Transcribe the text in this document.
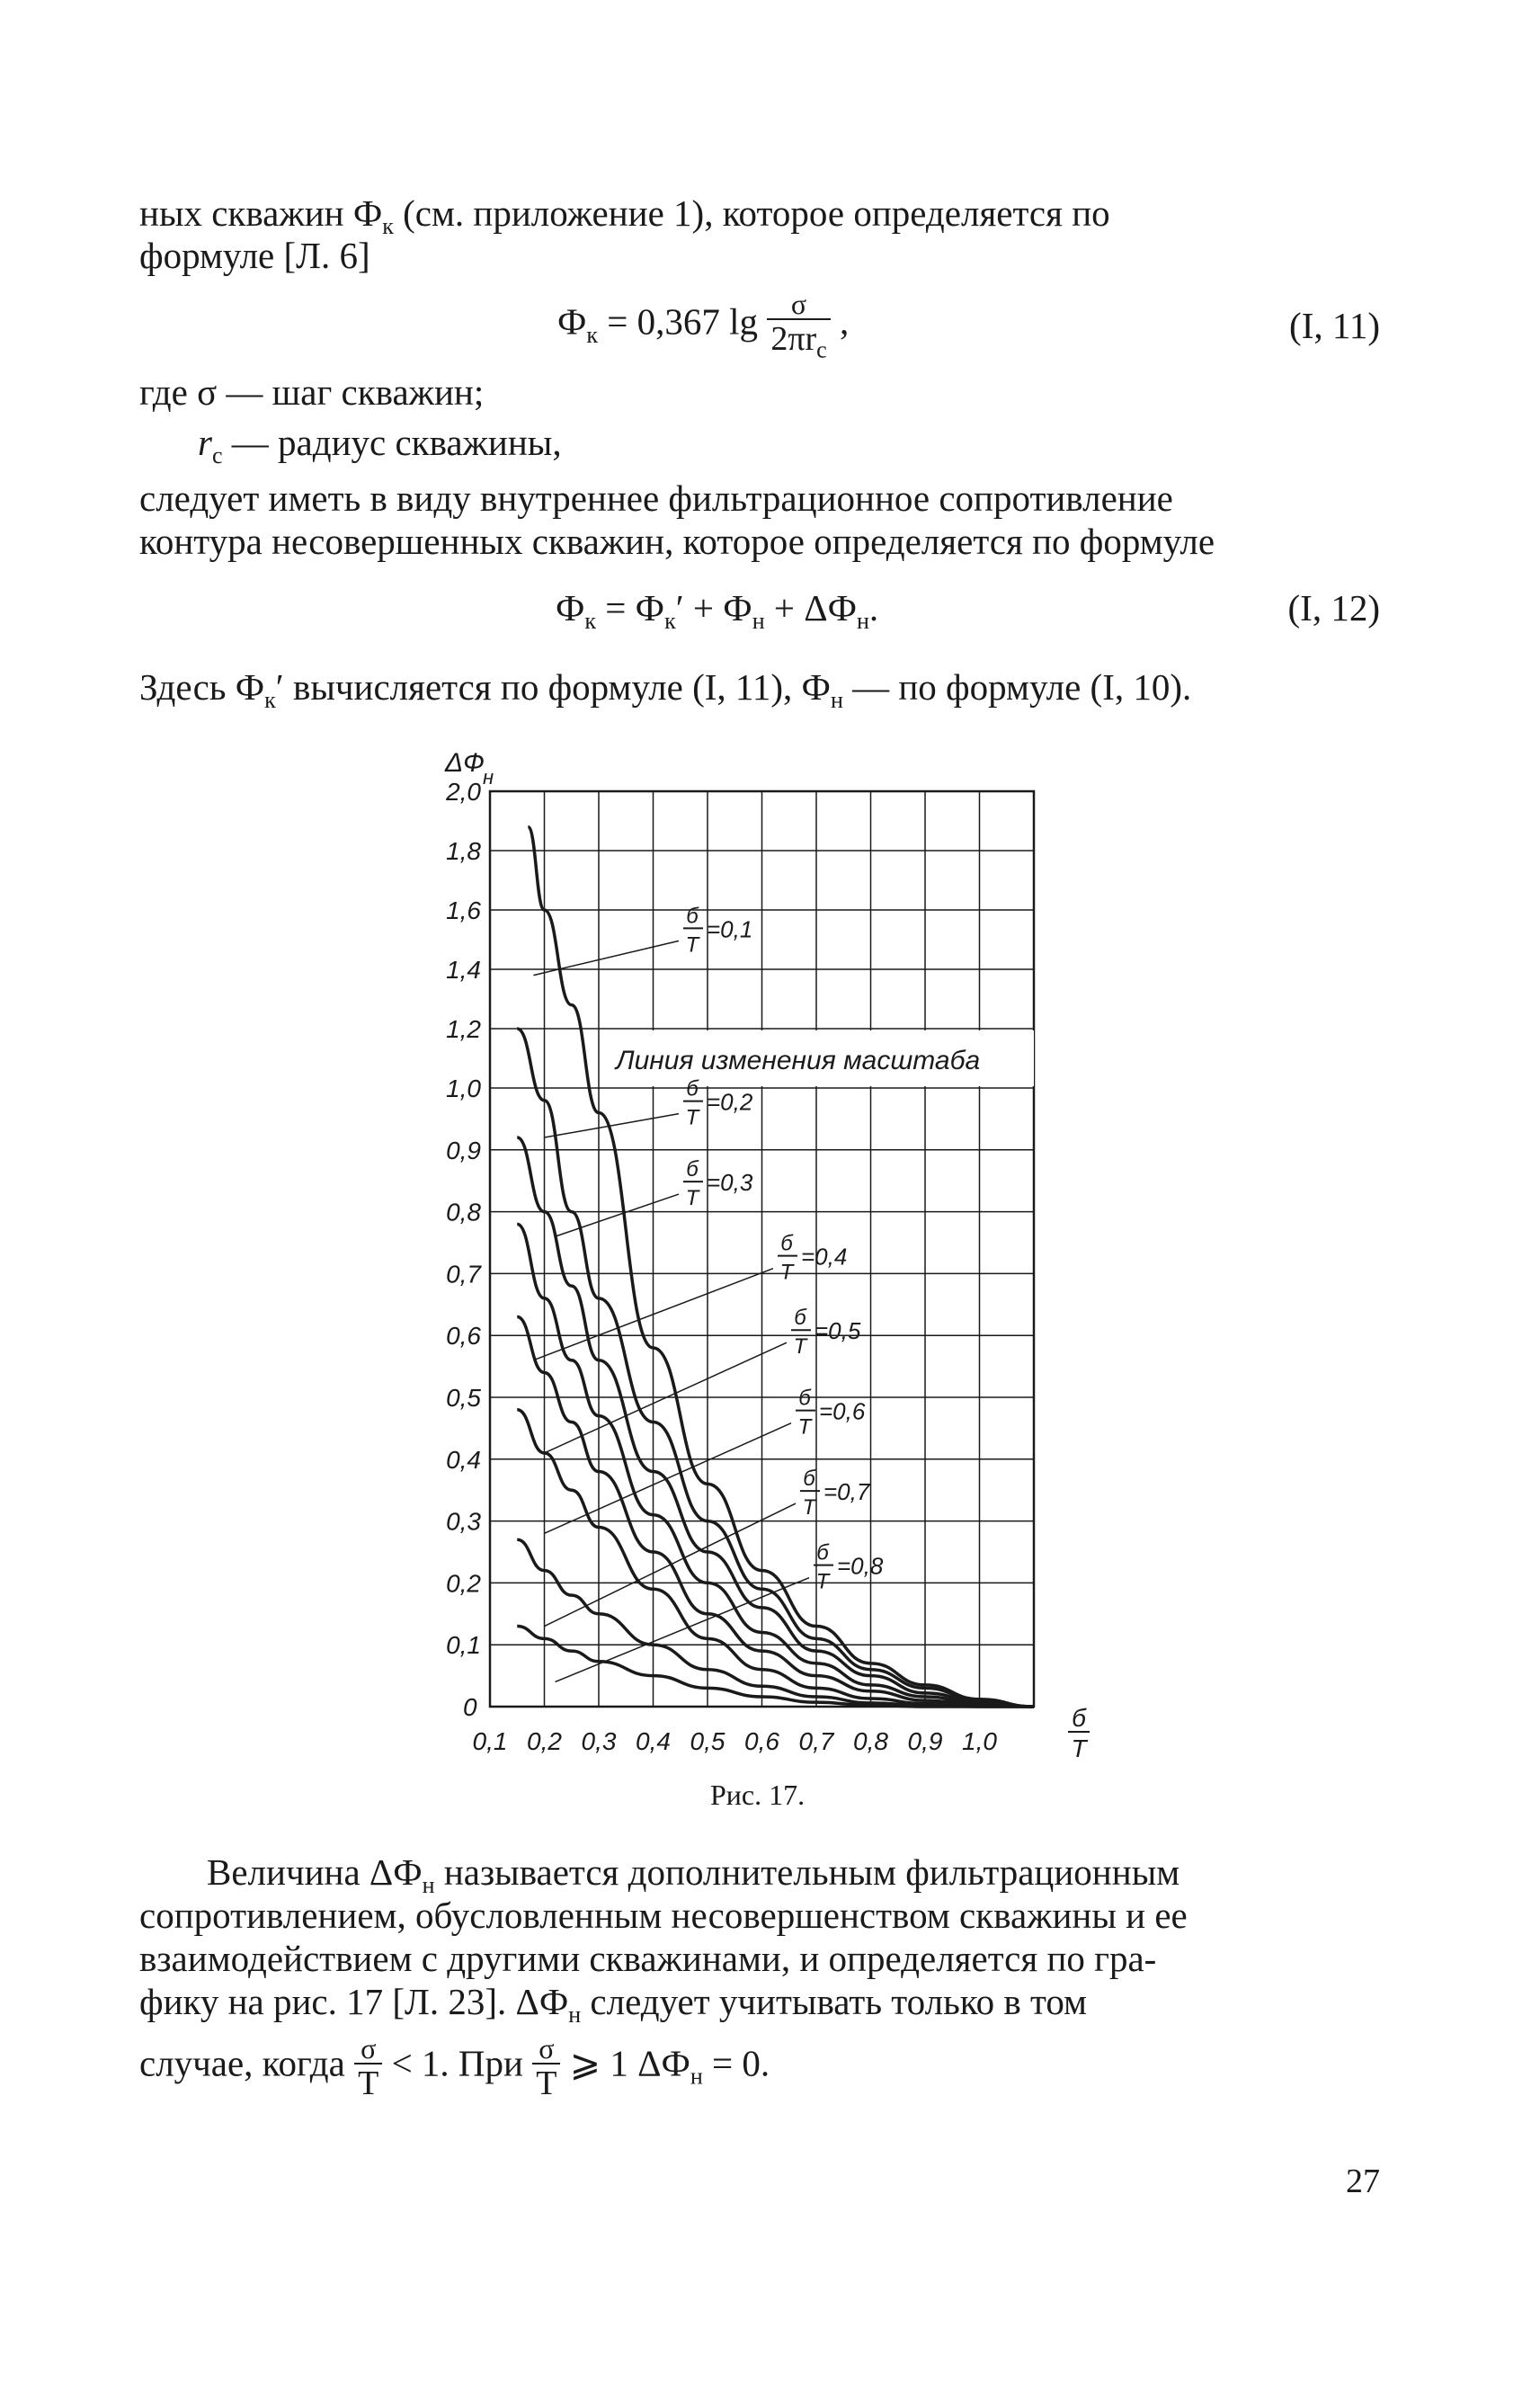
ных скважин $Ф_к$ (см. приложение 1), которое определяется по
формуле [Л. 6]
$Ф_к = 0,367$ $\lg \frac{\sigma}{2\pi r_с}$ ,	(I, 11)
где σ — шаг скважин;
$r_с$ — радиус скважины,
следует иметь в виду внутреннее фильтрационное сопротивление
контура несовершенных скважин, которое определяется по формуле
$Ф_к = Ф_к' + Ф_н + \Delta Ф_н$.	(I, 12)
Здесь $Ф_к'$ вычисляется по формуле (I, 11), $Ф_н$ — по формуле (I, 10).
0,1
0,2
0,3
0,4
0,5
0,6
0,7
0,8
0,9
1,0
1,2
1,4
1,6
1,8
2,0
0
0,1 0,2 0,3 0,4 0,5 0,6 0,7 0,8 0,9 1,0
ΔФ
н
б
T
Линия изменения масштаба
б
T
=0,1
б
T
=0,2
б
T
=0,3
б
T
=0,4
б
T
=0,5
б
T
=0,6
б
T
=0,7
б
T
=0,8
Рис. 17.
Величина $\Delta Ф_н$ называется дополнительным фильтрационным
сопротивлением, обусловленным несовершенством скважины и ее
взаимодействием с другими скважинами, и определяется по гра-
фику на рис. 17 [Л. 23]. $\Delta Ф_н$ следует учитывать только в том
случае, когда $\frac{\sigma}{T} < 1$. При $\frac{\sigma}{T}$ ⩾ 1 $\Delta Ф_н = 0$.
27
